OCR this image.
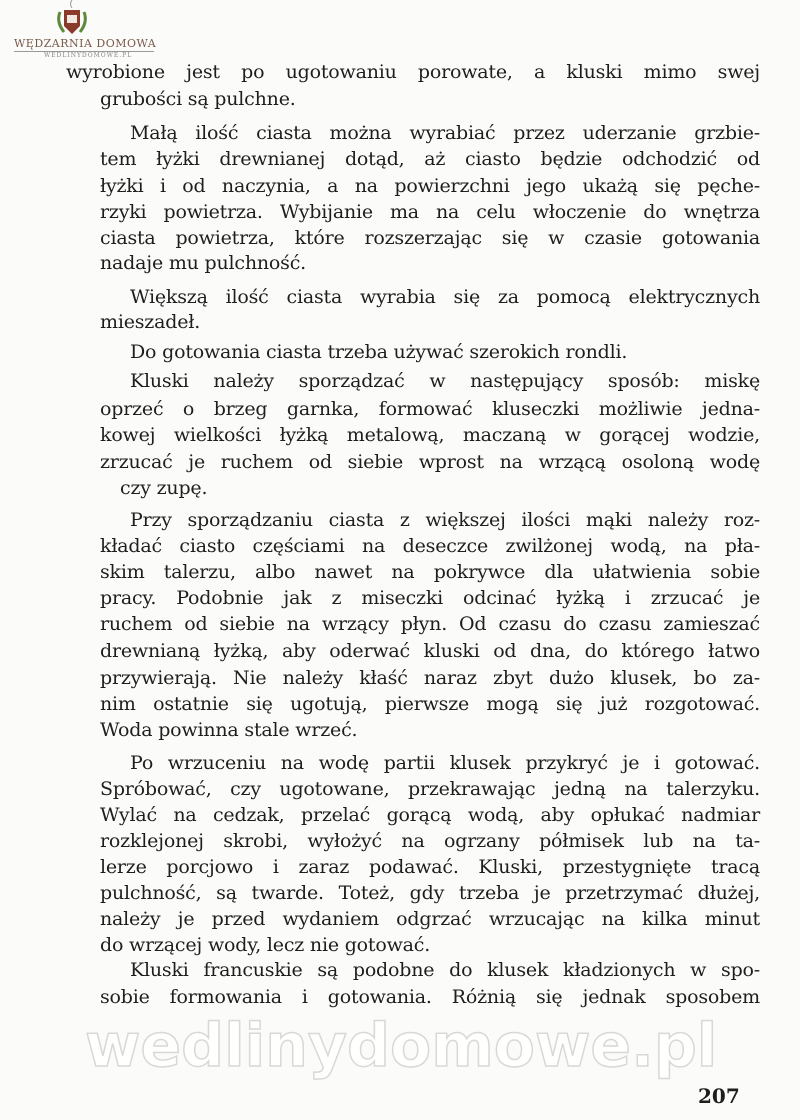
WĘDZARNIA DOMOWA
WEDLINYDOMOWE.PL
wyrobione jest po ugotowaniu porowate, a kluski mimo swej
grubości są pulchne.
Małą ilość ciasta można wyrabiać przez uderzanie grzbie-
tem łyżki drewnianej dotąd, aż ciasto będzie odchodzić od
łyżki i od naczynia, a na powierzchni jego ukażą się pęche-
rzyki powietrza. Wybijanie ma na celu włoczenie do wnętrza
ciasta powietrza, które rozszerzając się w czasie gotowania
nadaje mu pulchność.
Większą ilość ciasta wyrabia się za pomocą elektrycznych
mieszadeł.
Do gotowania ciasta trzeba używać szerokich rondli.
Kluski należy sporządzać w następujący sposób: miskę
oprzeć o brzeg garnka, formować kluseczki możliwie jedna-
kowej wielkości łyżką metalową, maczaną w gorącej wodzie,
zrzucać je ruchem od siebie wprost na wrzącą osoloną wodę
czy zupę.
Przy sporządzaniu ciasta z większej ilości mąki należy roz-
kładać ciasto częściami na deseczce zwilżonej wodą, na pła-
skim talerzu, albo nawet na pokrywce dla ułatwienia sobie
pracy. Podobnie jak z miseczki odcinać łyżką i zrzucać je
ruchem od siebie na wrzący płyn. Od czasu do czasu zamieszać
drewnianą łyżką, aby oderwać kluski od dna, do którego łatwo
przywierają. Nie należy kłaść naraz zbyt dużo klusek, bo za-
nim ostatnie się ugotują, pierwsze mogą się już rozgotować.
Woda powinna stale wrzeć.
Po wrzuceniu na wodę partii klusek przykryć je i gotować.
Spróbować, czy ugotowane, przekrawając jedną na talerzyku.
Wylać na cedzak, przelać gorącą wodą, aby opłukać nadmiar
rozklejonej skrobi, wyłożyć na ogrzany półmisek lub na ta-
lerze porcjowo i zaraz podawać. Kluski, przestygnięte tracą
pulchność, są twarde. Toteż, gdy trzeba je przetrzymać dłużej,
należy je przed wydaniem odgrzać wrzucając na kilka minut
do wrzącej wody, lecz nie gotować.
Kluski francuskie są podobne do klusek kładzionych w spo-
sobie formowania i gotowania. Różnią się jednak sposobem
wedlinydomowe.pl
207
